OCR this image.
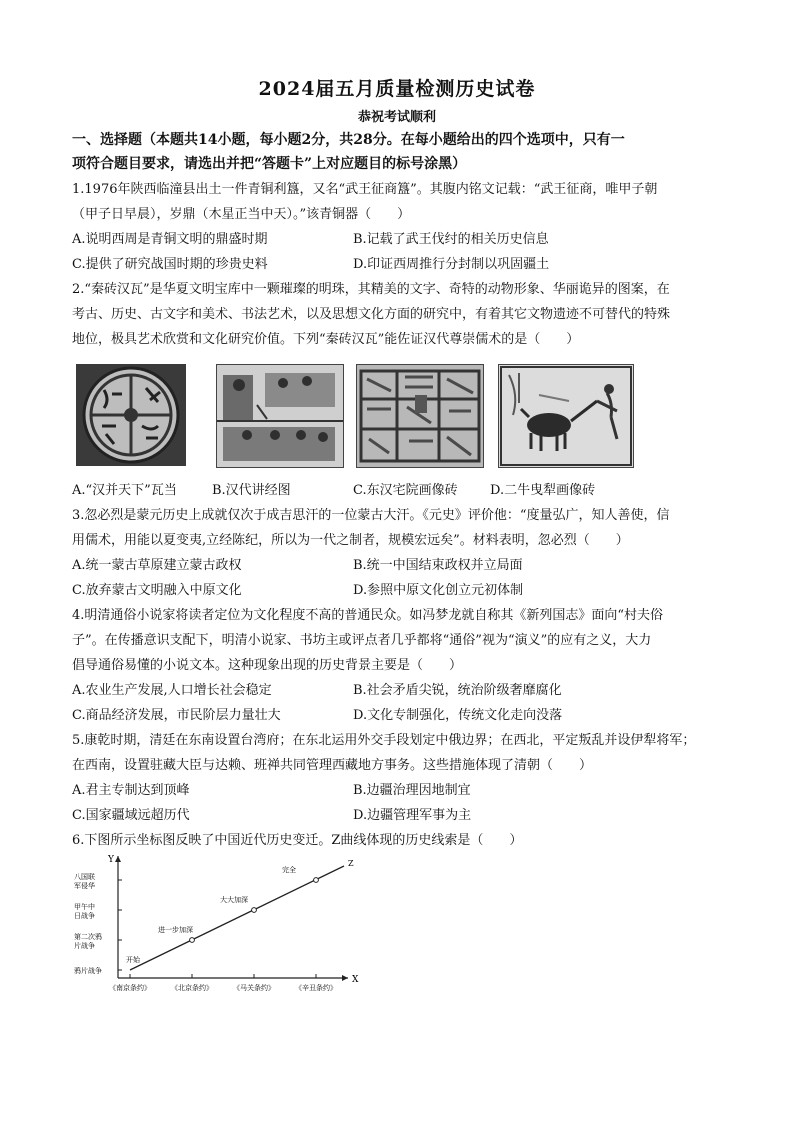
2024届五月质量检测历史试卷
恭祝考试顺利
一、选择题（本题共14小题，每小题2分，共28分。在每小题给出的四个选项中，只有一
项符合题目要求，请选出并把“答题卡”上对应题目的标号涂黑）
1.1976年陕西临潼县出土一件青铜利簋，又名“武王征商簋”。其腹内铭文记载：“武王征商，唯甲子朝
（甲子日早晨），岁鼎（木星正当中天）。”该青铜器（　　）
A.说明西周是青铜文明的鼎盛时期	B.记载了武王伐纣的相关历史信息
C.提供了研究战国时期的珍贵史料	D.印证西周推行分封制以巩固疆土
2.“秦砖汉瓦”是华夏文明宝库中一颗璀璨的明珠，其精美的文字、奇特的动物形象、华丽诡异的图案，在
考古、历史、古文字和美术、书法艺术，以及思想文化方面的研究中，有着其它文物遗迹不可替代的特殊
地位，极具艺术欣赏和文化研究价值。下列“秦砖汉瓦”能佐证汉代尊崇儒术的是（　　）
A.“汉并天下”瓦当	B.汉代讲经图	C.东汉宅院画像砖 D.二牛曳犁画像砖
3.忽必烈是蒙元历史上成就仅次于成吉思汗的一位蒙古大汗。《元史》评价他：“度量弘广，知人善使，信
用儒术，用能以夏变夷,立经陈纪，所以为一代之制者，规模宏远矣”。材料表明，忽必烈（　　）
A.统一蒙古草原建立蒙古政权	B.统一中国结束政权并立局面
C.放弃蒙古文明融入中原文化	D.参照中原文化创立元初体制
4.明清通俗小说家将读者定位为文化程度不高的普通民众。如冯梦龙就自称其《新列国志》面向“村夫俗
子”。在传播意识支配下，明清小说家、书坊主或评点者几乎都将“通俗”视为“演义”的应有之义，大力
倡导通俗易懂的小说文本。这种现象出现的历史背景主要是（　　）
A.农业生产发展,人口增长社会稳定	B.社会矛盾尖锐，统治阶级奢靡腐化
C.商品经济发展，市民阶层力量壮大	D.文化专制强化，传统文化走向没落
5.康乾时期，清廷在东南设置台湾府；在东北运用外交手段划定中俄边界；在西北，平定叛乱并设伊犁将军；
在西南，设置驻藏大臣与达赖、班禅共同管理西藏地方事务。这些措施体现了清朝（　　）
A.君主专制达到顶峰	B.边疆治理因地制宜
C.国家疆域远超历代	D.边疆管理军事为主
6.下图所示坐标图反映了中国近代历史变迁。Z曲线体现的历史线索是（　　）
X
Y
《南京条约》	《北京条约》	《马关条约》	《辛丑条约》
鸦片战争
第二次鸦片战争
甲午中日战争
八国联军侵华
Z
开始
进一步加深
大大加深
完全
